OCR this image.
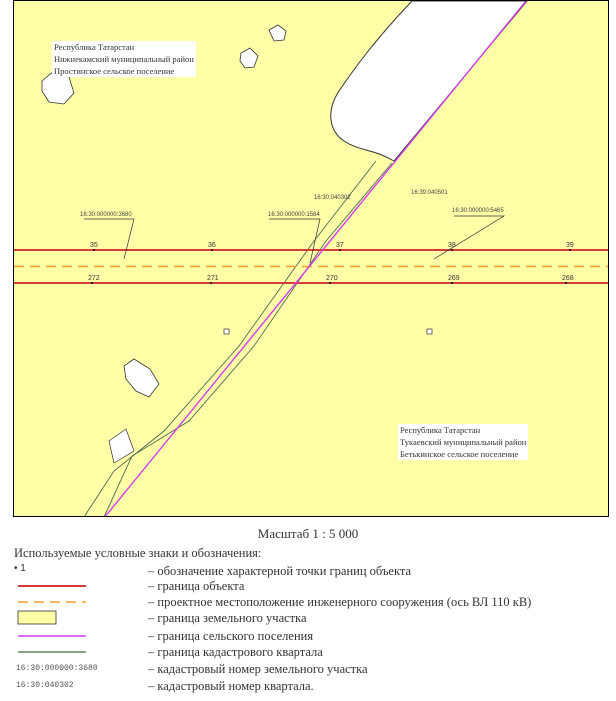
16:30:000000:3680	16:30:000000:1584
16:30:000000:5465
16:30:040302
16:39:040501
35	36	37	38	39
272	271	270	269	268
Республика Татарстан
Нижнекамский муниципальный район
Простинское сельское поселение
Республика Татарстан
Тукаевский муниципальный район
Бетькинское сельское поселение
Масштаб 1 : 5 000
Используемые условные знаки и обозначения:
• 1	– обозначение характерной точки границ объекта
– граница объекта
– проектное местоположение инженерного сооружения (ось ВЛ 110 кВ)
– граница земельного участка
– граница сельского поселения
– граница кадастрового квартала
16:30:000000:3680	– кадастровый номер земельного участка
16:30:040302	– кадастровый номер квартала.
